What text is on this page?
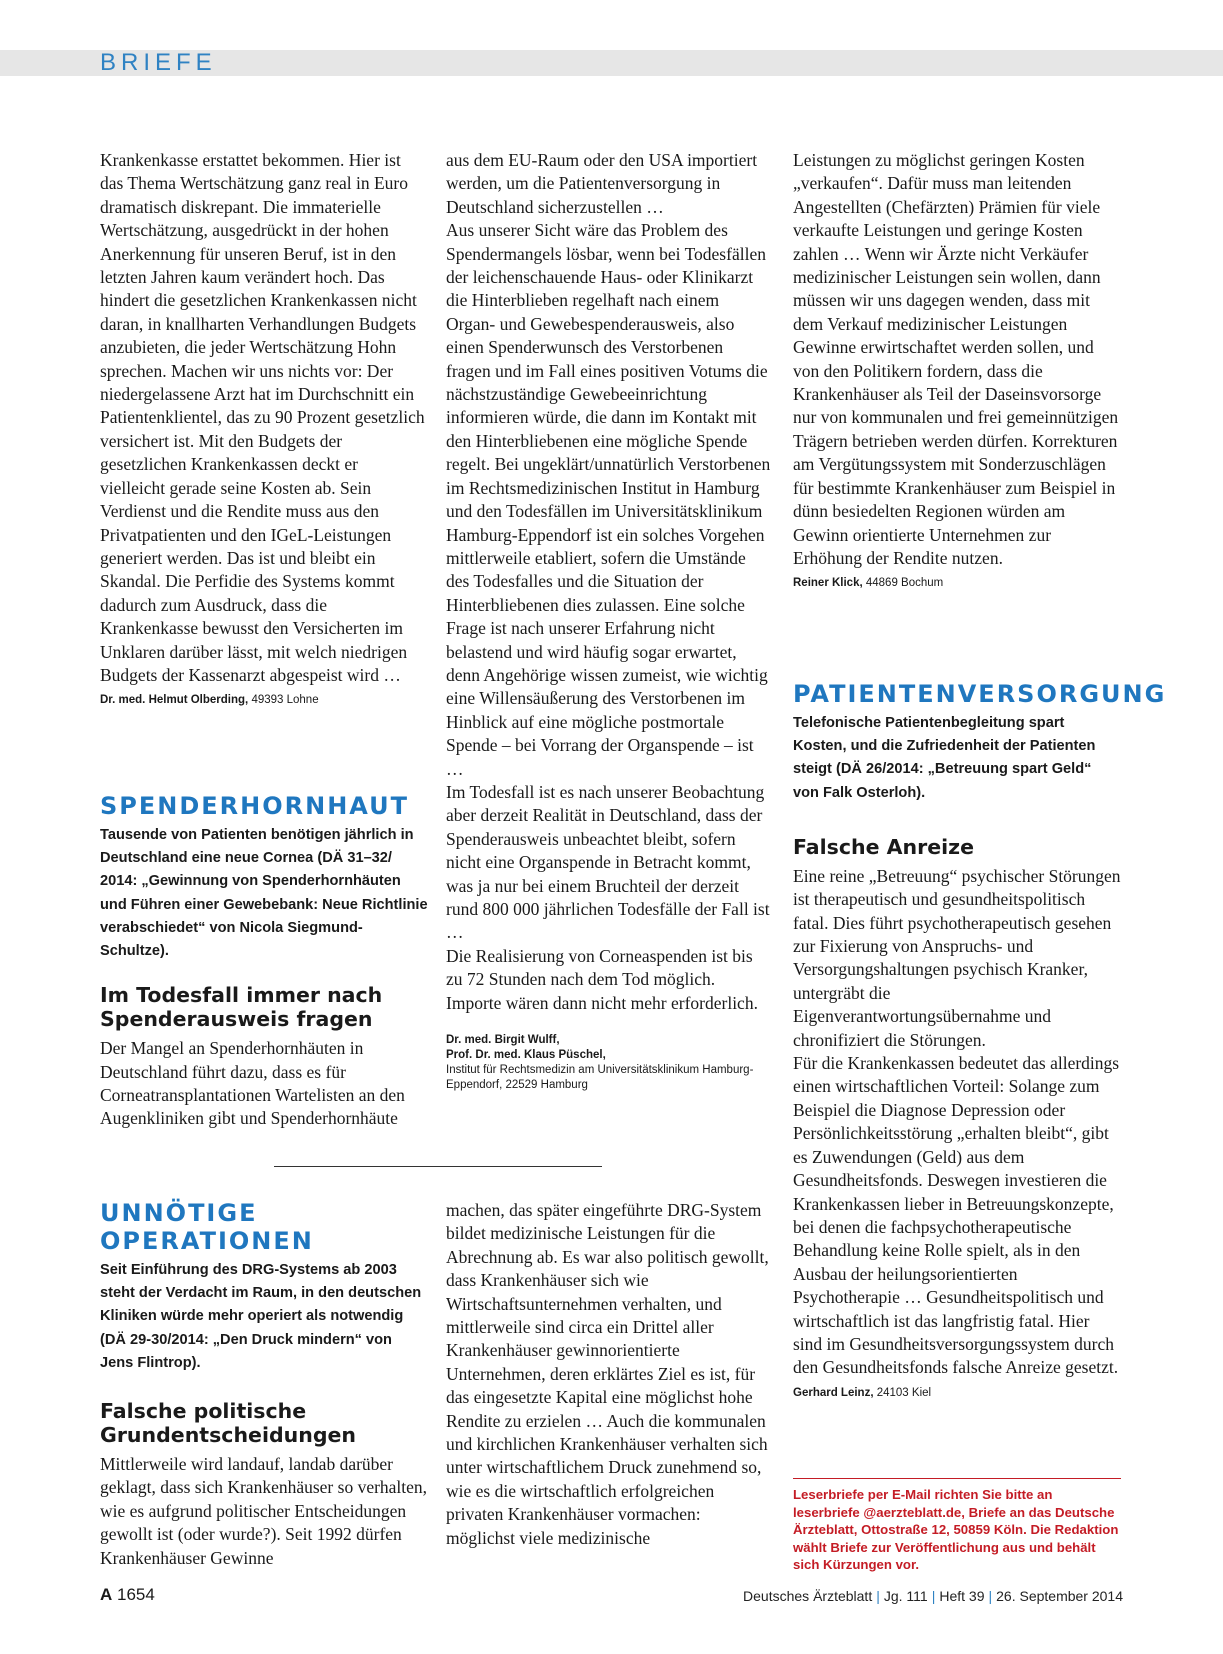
BRIEFE

Krankenkasse erstattet bekommen. Hier ist das Thema Wertschätzung ganz real in Euro dramatisch diskrepant. Die immaterielle Wertschätzung, ausgedrückt in der hohen Anerkennung für unseren Beruf, ist in den letzten Jahren kaum verändert hoch. Das hindert die gesetzlichen Krankenkassen nicht daran, in knallharten Verhandlungen Budgets anzubieten, die jeder Wertschätzung Hohn sprechen. Machen wir uns nichts vor: Der niedergelassene Arzt hat im Durchschnitt ein Patientenklientel, das zu 90 Prozent gesetzlich versichert ist. Mit den Budgets der gesetzlichen Krankenkassen deckt er vielleicht gerade seine Kosten ab. Sein Verdienst und die Rendite muss aus den Privatpatienten und den IGeL-Leistungen generiert werden. Das ist und bleibt ein Skandal. Die Perfidie des Systems kommt dadurch zum Ausdruck, dass die Krankenkasse bewusst den Versicherten im Unklaren darüber lässt, mit welch niedrigen Budgets der Kassenarzt abgespeist wird …

Dr. med. Helmut Olberding, 49393 Lohne

SPENDERHORNHAUT

Tausende von Patienten benötigen jährlich in Deutschland eine neue Cornea (DÄ 31–32/ 2014: „Gewinnung von Spenderhornhäuten und Führen einer Gewebebank: Neue Richtlinie verabschiedet“ von Nicola Siegmund-Schultze).

Im Todesfall immer nach Spenderausweis fragen

Der Mangel an Spenderhornhäuten in Deutschland führt dazu, dass es für Corneatransplantationen Wartelisten an den Augenkliniken gibt und Spenderhornhäute

aus dem EU-Raum oder den USA importiert werden, um die Patientenversorgung in Deutschland sicherzustellen …

Aus unserer Sicht wäre das Problem des Spendermangels lösbar, wenn bei Todesfällen der leichenschauende Haus- oder Klinikarzt die Hinterblieben regelhaft nach einem Organ- und Gewebespenderausweis, also einen Spenderwunsch des Verstorbenen fragen und im Fall eines positiven Votums die nächstzuständige Gewebeeinrichtung informieren würde, die dann im Kontakt mit den Hinterbliebenen eine mögliche Spende regelt. Bei ungeklärt/unnatürlich Verstorbenen im Rechtsmedizinischen Institut in Hamburg und den Todesfällen im Universitätsklinikum Hamburg-Eppendorf ist ein solches Vorgehen mittlerweile etabliert, sofern die Umstände des Todesfalles und die Situation der Hinterbliebenen dies zulassen. Eine solche Frage ist nach unserer Erfahrung nicht belastend und wird häufig sogar erwartet, denn Angehörige wissen zumeist, wie wichtig eine Willensäußerung des Verstorbenen im Hinblick auf eine mögliche postmortale Spende – bei Vorrang der Organspende – ist …

Im Todesfall ist es nach unserer Beobachtung aber derzeit Realität in Deutschland, dass der Spenderausweis unbeachtet bleibt, sofern nicht eine Organspende in Betracht kommt, was ja nur bei einem Bruchteil der derzeit rund 800 000 jährlichen Todesfälle der Fall ist …

Die Realisierung von Corneaspenden ist bis zu 72 Stunden nach dem Tod möglich. Importe wären dann nicht mehr erforderlich.

Dr. med. Birgit Wulff,
Prof. Dr. med. Klaus Püschel,
Institut für Rechtsmedizin am Universitätsklinikum Hamburg-Eppendorf, 22529 Hamburg

Leistungen zu möglichst geringen Kosten „verkaufen“. Dafür muss man leitenden Angestellten (Chefärzten) Prämien für viele verkaufte Leistungen und geringe Kosten zahlen … Wenn wir Ärzte nicht Verkäufer medizinischer Leistungen sein wollen, dann müssen wir uns dagegen wenden, dass mit dem Verkauf medizinischer Leistungen Gewinne erwirtschaftet werden sollen, und von den Politikern fordern, dass die Krankenhäuser als Teil der Daseinsvorsorge nur von kommunalen und frei gemeinnützigen Trägern betrieben werden dürfen. Korrekturen am Vergütungssystem mit Sonderzuschlägen für bestimmte Krankenhäuser zum Beispiel in dünn besiedelten Regionen würden am Gewinn orientierte Unternehmen zur Erhöhung der Rendite nutzen.

Reiner Klick, 44869 Bochum

PATIENTENVERSORGUNG

Telefonische Patientenbegleitung spart Kosten, und die Zufriedenheit der Patienten steigt (DÄ 26/2014: „Betreuung spart Geld“ von Falk Osterloh).

Falsche Anreize

Eine reine „Betreuung“ psychischer Störungen ist therapeutisch und gesundheitspolitisch fatal. Dies führt psychotherapeutisch gesehen zur Fixierung von Anspruchs- und Versorgungshaltungen psychisch Kranker, untergräbt die Eigenverantwortungsübernahme und chronifiziert die Störungen.

Für die Krankenkassen bedeutet das allerdings einen wirtschaftlichen Vorteil: Solange zum Beispiel die Diagnose Depression oder Persönlichkeitsstörung „erhalten bleibt“, gibt es Zuwendungen (Geld) aus dem Gesundheitsfonds. Deswegen investieren die Krankenkassen lieber in Betreuungskonzepte, bei denen die fachpsychotherapeutische Behandlung keine Rolle spielt, als in den Ausbau der heilungsorientierten Psychotherapie … Gesundheitspolitisch und wirtschaftlich ist das langfristig fatal. Hier sind im Gesundheitsversorgungssystem durch den Gesundheitsfonds falsche Anreize gesetzt.

Gerhard Leinz, 24103 Kiel

UNNÖTIGE OPERATIONEN

Seit Einführung des DRG-Systems ab 2003 steht der Verdacht im Raum, in den deutschen Kliniken würde mehr operiert als notwendig (DÄ 29-30/2014: „Den Druck mindern“ von Jens Flintrop).

Falsche politische Grundentscheidungen

Mittlerweile wird landauf, landab darüber geklagt, dass sich Krankenhäuser so verhalten, wie es aufgrund politischer Entscheidungen gewollt ist (oder wurde?). Seit 1992 dürfen Krankenhäuser Gewinne

machen, das später eingeführte DRG-System bildet medizinische Leistungen für die Abrechnung ab. Es war also politisch gewollt, dass Krankenhäuser sich wie Wirtschaftsunternehmen verhalten, und mittlerweile sind circa ein Drittel aller Krankenhäuser gewinnorientierte Unternehmen, deren erklärtes Ziel es ist, für das eingesetzte Kapital eine möglichst hohe Rendite zu erzielen … Auch die kommunalen und kirchlichen Krankenhäuser verhalten sich unter wirtschaftlichem Druck zunehmend so, wie es die wirtschaftlich erfolgreichen privaten Krankenhäuser vormachen: möglichst viele medizinische

Leserbriefe per E-Mail richten Sie bitte an leserbriefe @aerzteblatt.de, Briefe an das Deutsche Ärzteblatt, Ottostraße 12, 50859 Köln. Die Redaktion wählt Briefe zur Veröffentlichung aus und behält sich Kürzungen vor.

A 1654	Deutsches Ärzteblatt | Jg. 111 | Heft 39 | 26. September 2014
